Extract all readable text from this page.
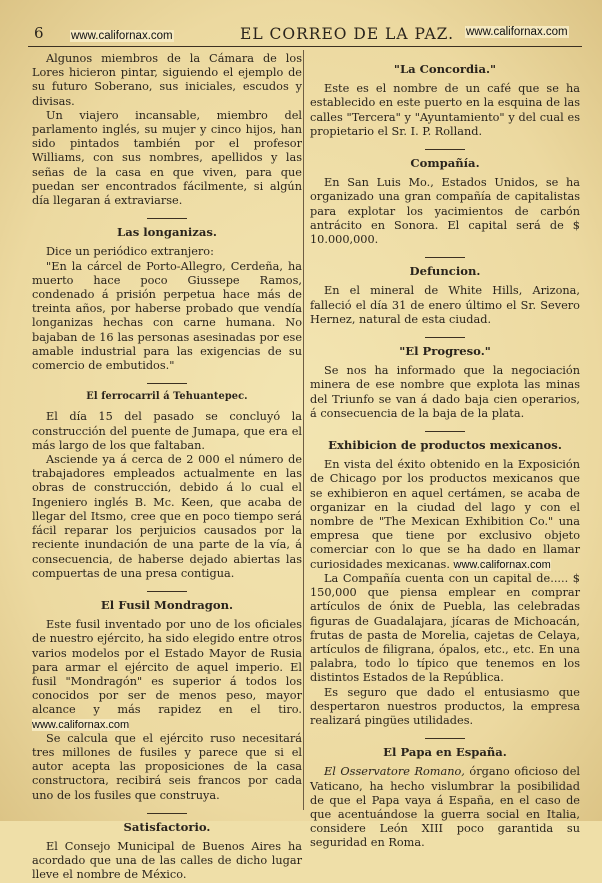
6 www.californax.com	EL CORREO DE LA PAZ. www.californax.com

Algunos miembros de la Cámara de los Lores hicieron pintar, siguiendo el ejemplo de su futuro Soberano, sus iniciales, escudos y divisas.

Un viajero incansable, miembro del parlamento inglés, su mujer y cinco hijos, han sido pintados también por el profesor Williams, con sus nombres, apellidos y las señas de la casa en que viven, para que puedan ser encontrados fácilmente, si algún día llegaran á extraviarse.

Las longanizas.

Dice un periódico extranjero:

"En la cárcel de Porto-Allegro, Cerdeña, ha muerto hace poco Giussepe Ramos, condenado á prisión perpetua hace más de treinta años, por haberse probado que vendía longanizas hechas con carne humana. No bajaban de 16 las personas asesinadas por ese amable industrial para las exigencias de su comercio de embutidos."

El ferrocarril á Tehuantepec.

El día 15 del pasado se concluyó la construcción del puente de Jumapa, que era el más largo de los que faltaban.

Asciende ya á cerca de 2 000 el número de trabajadores empleados actualmente en las obras de construcción, debido á lo cual el Ingeniero inglés B. Mc. Keen, que acaba de llegar del Itsmo, cree que en poco tiempo será fácil reparar los perjuicios causados por la reciente inundación de una parte de la vía, á consecuencia, de haberse dejado abiertas las compuertas de una presa contigua.

El Fusil Mondragon.

Este fusil inventado por uno de los oficiales de nuestro ejército, ha sido elegido entre otros varios modelos por el Estado Mayor de Rusia para armar el ejército de aquel imperio. El fusil "Mondragón" es superior á todos los conocidos por ser de menos peso, mayor alcance y más rapidez en el tiro. www.californax.com

Se calcula que el ejército ruso necesitará tres millones de fusiles y parece que si el autor acepta las proposiciones de la casa constructora, recibirá seis francos por cada uno de los fusiles que construya.

Satisfactorio.

El Consejo Municipal de Buenos Aires ha acordado que una de las calles de dicho lugar lleve el nombre de México.

"La Concordia."

Este es el nombre de un café que se ha establecido en este puerto en la esquina de las calles "Tercera" y "Ayuntamiento" y del cual es propietario el Sr. I. P. Rolland.

Compañía.

En San Luis Mo., Estados Unidos, se ha organizado una gran compañía de capitalistas para explotar los yacimientos de carbón antrácito en Sonora. El capital será de $ 10.000,000.

Defuncion.

En el mineral de White Hills, Arizona, falleció el día 31 de enero último el Sr. Severo Hernez, natural de esta ciudad.

"El Progreso."

Se nos ha informado que la negociación minera de ese nombre que explota las minas del Triunfo se van á dado baja cien operarios, á consecuencia de la baja de la plata.

Exhibicion de productos mexicanos.

En vista del éxito obtenido en la Exposición de Chicago por los productos mexicanos que se exhibieron en aquel certámen, se acaba de organizar en la ciudad del lago y con el nombre de "The Mexican Exhibition Co." una empresa que tiene por exclusivo objeto comerciar con lo que se ha dado en llamar curiosidades mexicanas. www.californax.com

La Compañía cuenta con un capital de..... $ 150,000 que piensa emplear en comprar artículos de ónix de Puebla, las celebradas figuras de Guadalajara, jícaras de Michoacán, frutas de pasta de Morelia, cajetas de Celaya, artículos de filigrana, ópalos, etc., etc. En una palabra, todo lo típico que tenemos en los distintos Estados de la República.

Es seguro que dado el entusiasmo que despertaron nuestros productos, la empresa realizará pingües utilidades.

El Papa en España.

El Osservatore Romano, órgano oficioso del Vaticano, ha hecho vislumbrar la posibilidad de que el Papa vaya á España, en el caso de que acentuándose la guerra social en Italia, considere León XIII poco garantida su seguridad en Roma.
